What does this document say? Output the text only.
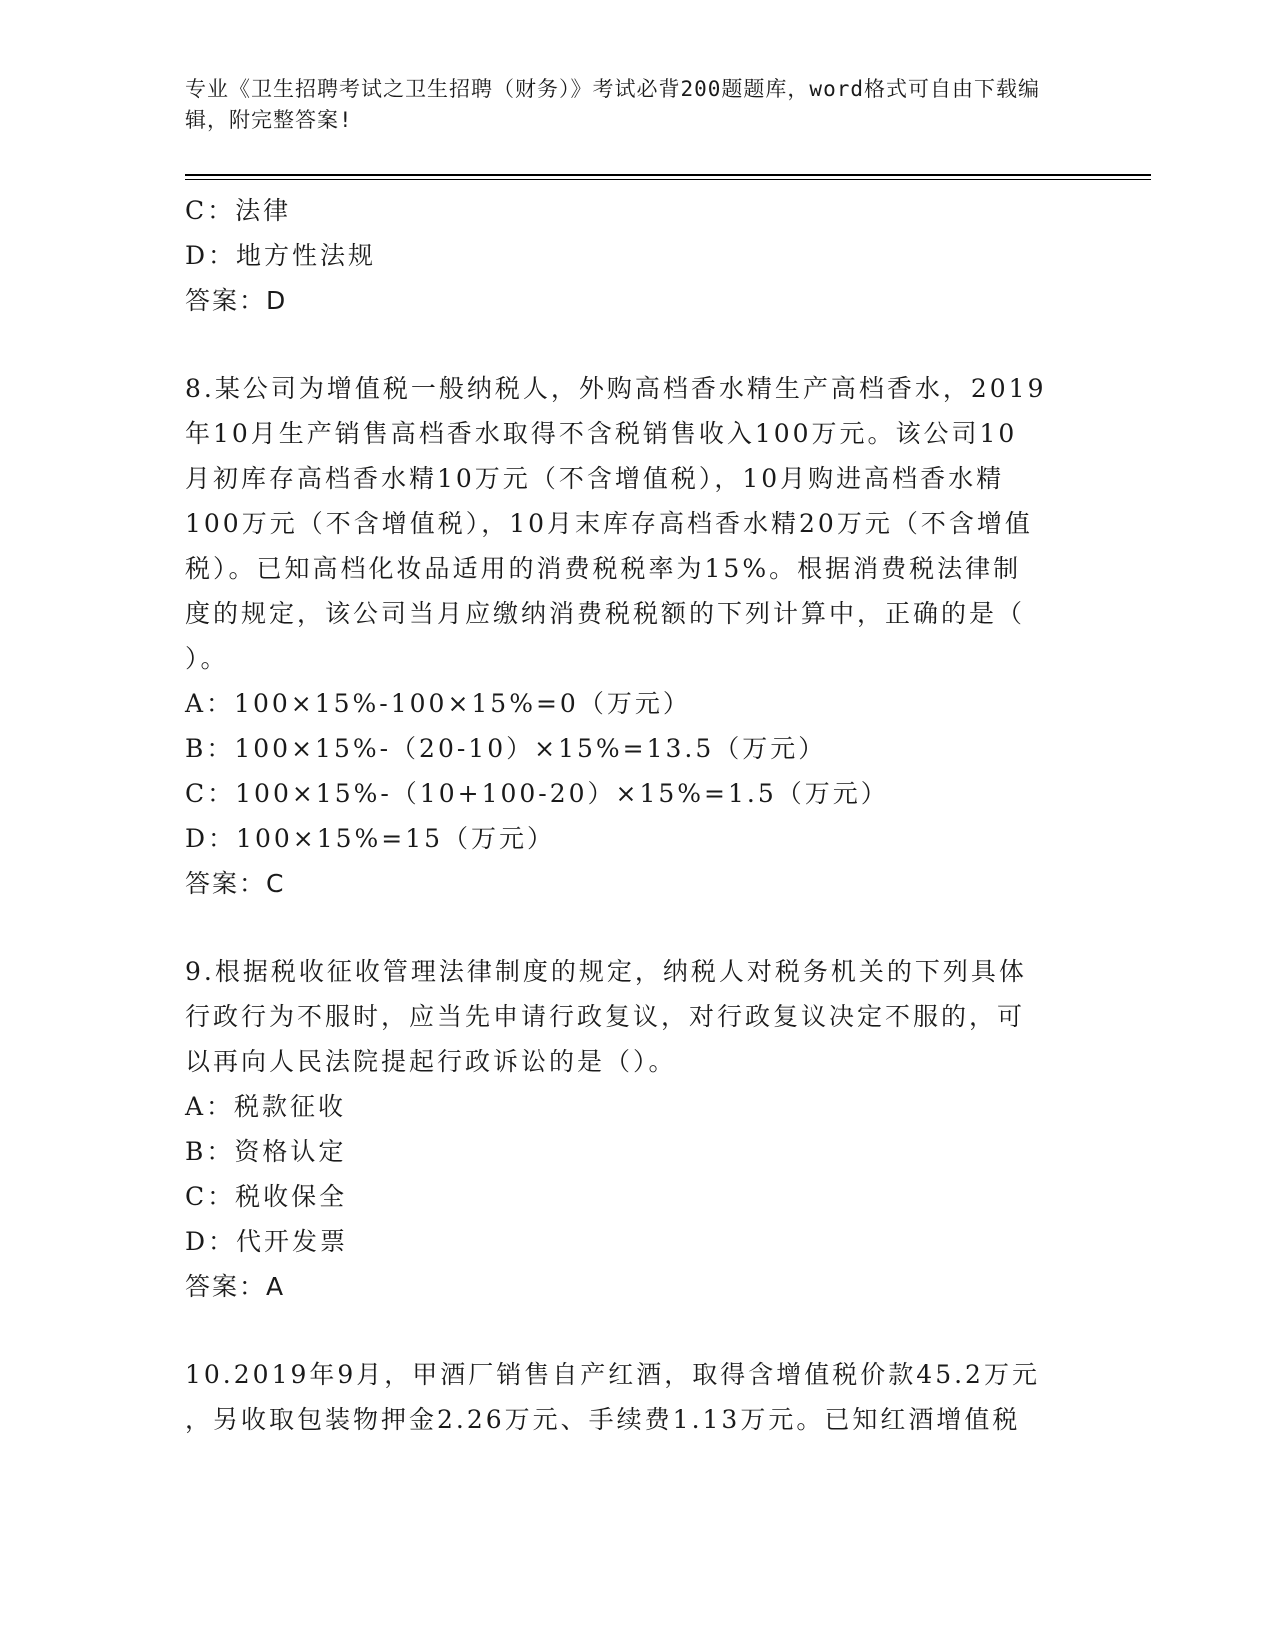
专业《卫生招聘考试之卫生招聘（财务）》考试必背200题题库，word格式可自由下载编辑，附完整答案!
C：法律
D：地方性法规
答案：D
8.某公司为增值税一般纳税人，外购高档香水精生产高档香水，2019
年10月生产销售高档香水取得不含税销售收入100万元。该公司10
月初库存高档香水精10万元（不含增值税），10月购进高档香水精
100万元（不含增值税），10月末库存高档香水精20万元（不含增值
税）。已知高档化妆品适用的消费税税率为15%。根据消费税法律制
度的规定，该公司当月应缴纳消费税税额的下列计算中，正确的是（
）。
A：100×15%-100×15%=0（万元）
B：100×15%-（20-10）×15%=13.5（万元）
C：100×15%-（10+100-20）×15%=1.5（万元）
D：100×15%=15（万元）
答案：C
9.根据税收征收管理法律制度的规定，纳税人对税务机关的下列具体
行政行为不服时，应当先申请行政复议，对行政复议决定不服的，可
以再向人民法院提起行政诉讼的是（）。
A：税款征收
B：资格认定
C：税收保全
D：代开发票
答案：A
10.2019年9月，甲酒厂销售自产红酒，取得含增值税价款45.2万元
，另收取包装物押金2.26万元、手续费1.13万元。已知红酒增值税
